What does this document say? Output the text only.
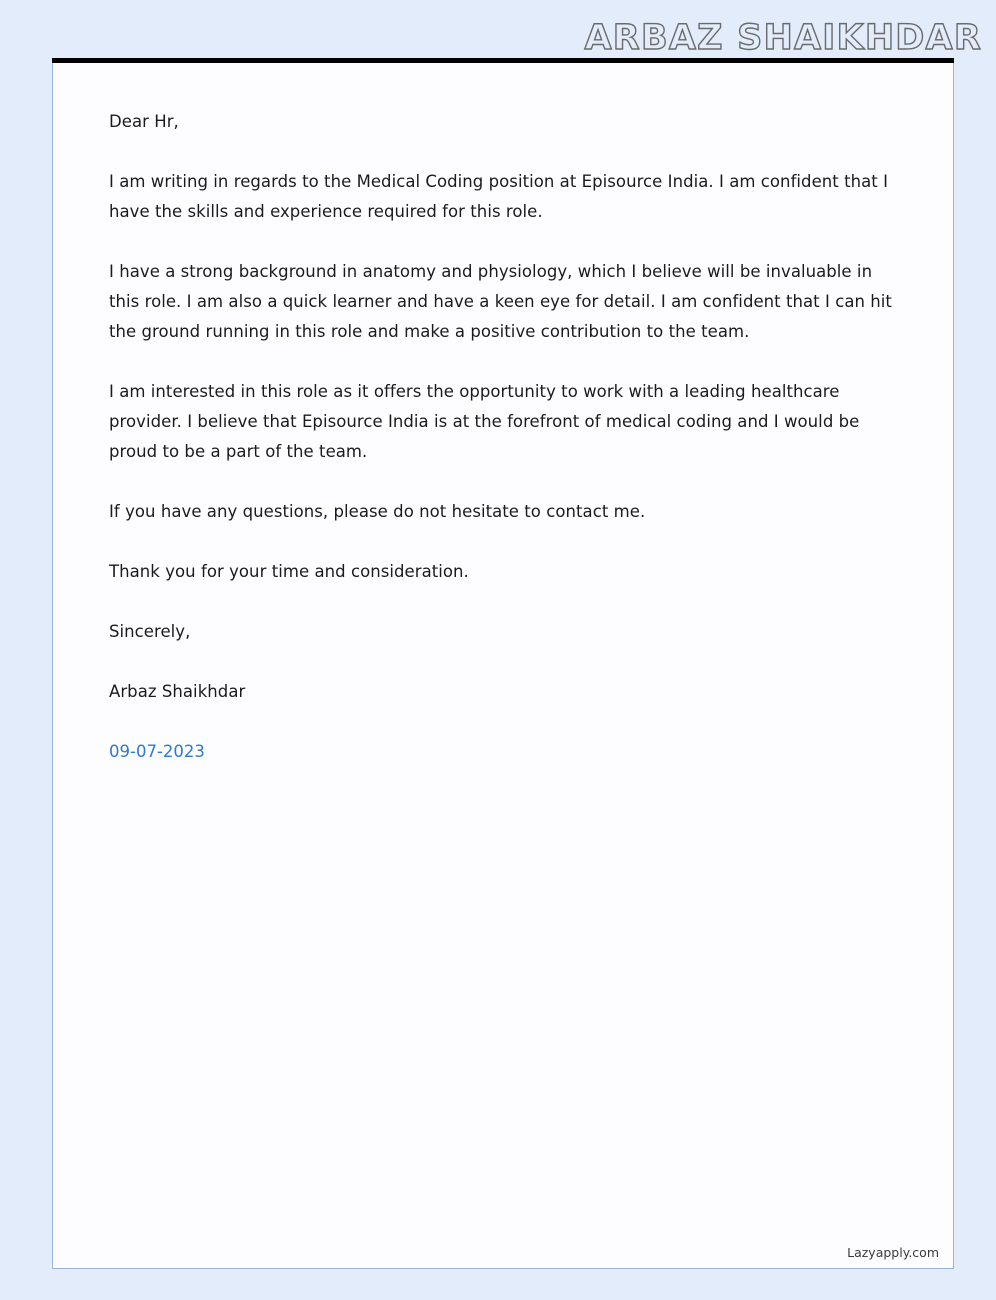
ARBAZ SHAIKHDAR

Dear Hr,

I am writing in regards to the Medical Coding position at Episource India. I am confident that I have the skills and experience required for this role.

I have a strong background in anatomy and physiology, which I believe will be invaluable in this role. I am also a quick learner and have a keen eye for detail. I am confident that I can hit the ground running in this role and make a positive contribution to the team.

I am interested in this role as it offers the opportunity to work with a leading healthcare provider. I believe that Episource India is at the forefront of medical coding and I would be proud to be a part of the team.

If you have any questions, please do not hesitate to contact me.

Thank you for your time and consideration.

Sincerely,

Arbaz Shaikhdar

09-07-2023

Lazyapply.com
